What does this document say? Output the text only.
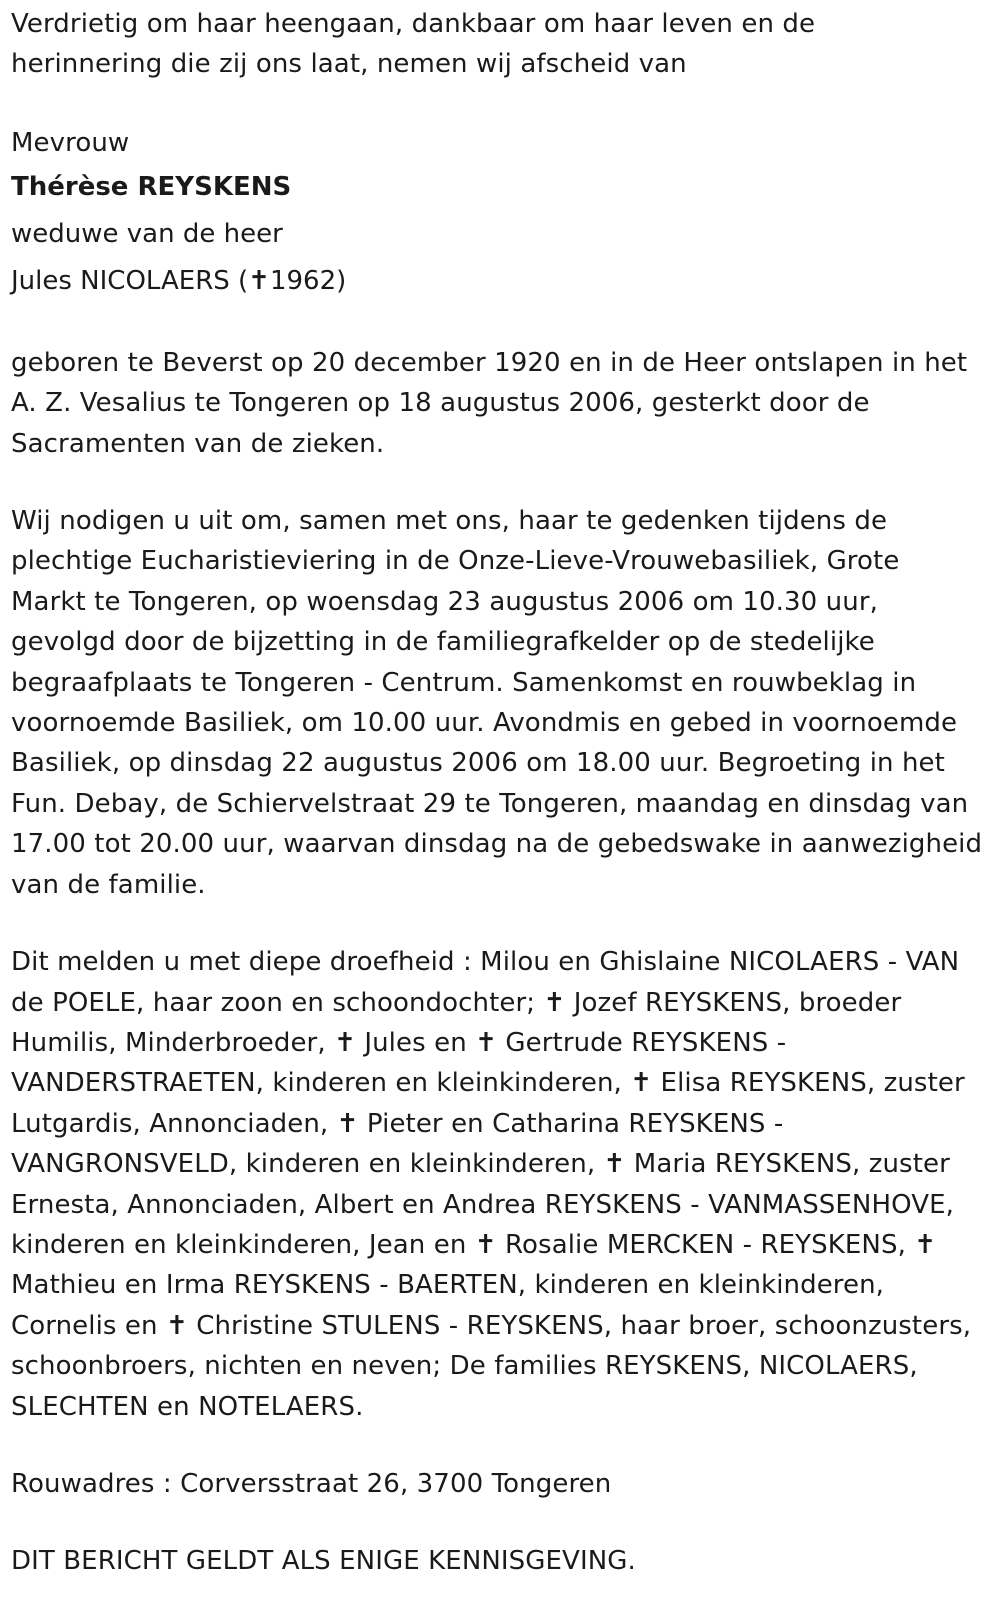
Verdrietig om haar heengaan, dankbaar om haar leven en de

herinnering die zij ons laat, nemen wij afscheid van

Mevrouw

Thérèse REYSKENS

weduwe van de heer

Jules NICOLAERS (✝1962)

geboren te Beverst op 20 december 1920 en in de Heer ontslapen in het

A. Z. Vesalius te Tongeren op 18 augustus 2006, gesterkt door de

Sacramenten van de zieken.

Wij nodigen u uit om, samen met ons, haar te gedenken tijdens de

plechtige Eucharistieviering in de Onze-Lieve-Vrouwebasiliek, Grote

Markt te Tongeren, op woensdag 23 augustus 2006 om 10.30 uur,

gevolgd door de bijzetting in de familiegrafkelder op de stedelijke

begraafplaats te Tongeren - Centrum. Samenkomst en rouwbeklag in

voornoemde Basiliek, om 10.00 uur. Avondmis en gebed in voornoemde

Basiliek, op dinsdag 22 augustus 2006 om 18.00 uur. Begroeting in het

Fun. Debay, de Schiervelstraat 29 te Tongeren, maandag en dinsdag van

17.00 tot 20.00 uur, waarvan dinsdag na de gebedswake in aanwezigheid

van de familie.

Dit melden u met diepe droefheid : Milou en Ghislaine NICOLAERS - VAN

de POELE, haar zoon en schoondochter; ✝ Jozef REYSKENS, broeder

Humilis, Minderbroeder, ✝ Jules en ✝ Gertrude REYSKENS -

VANDERSTRAETEN, kinderen en kleinkinderen, ✝ Elisa REYSKENS, zuster

Lutgardis, Annonciaden, ✝ Pieter en Catharina REYSKENS -

VANGRONSVELD, kinderen en kleinkinderen, ✝ Maria REYSKENS, zuster

Ernesta, Annonciaden, Albert en Andrea REYSKENS - VANMASSENHOVE,

kinderen en kleinkinderen, Jean en ✝ Rosalie MERCKEN - REYSKENS, ✝

Mathieu en Irma REYSKENS - BAERTEN, kinderen en kleinkinderen,

Cornelis en ✝ Christine STULENS - REYSKENS, haar broer, schoonzusters,

schoonbroers, nichten en neven; De families REYSKENS, NICOLAERS,

SLECHTEN en NOTELAERS.

Rouwadres : Corversstraat 26, 3700 Tongeren

DIT BERICHT GELDT ALS ENIGE KENNISGEVING.
